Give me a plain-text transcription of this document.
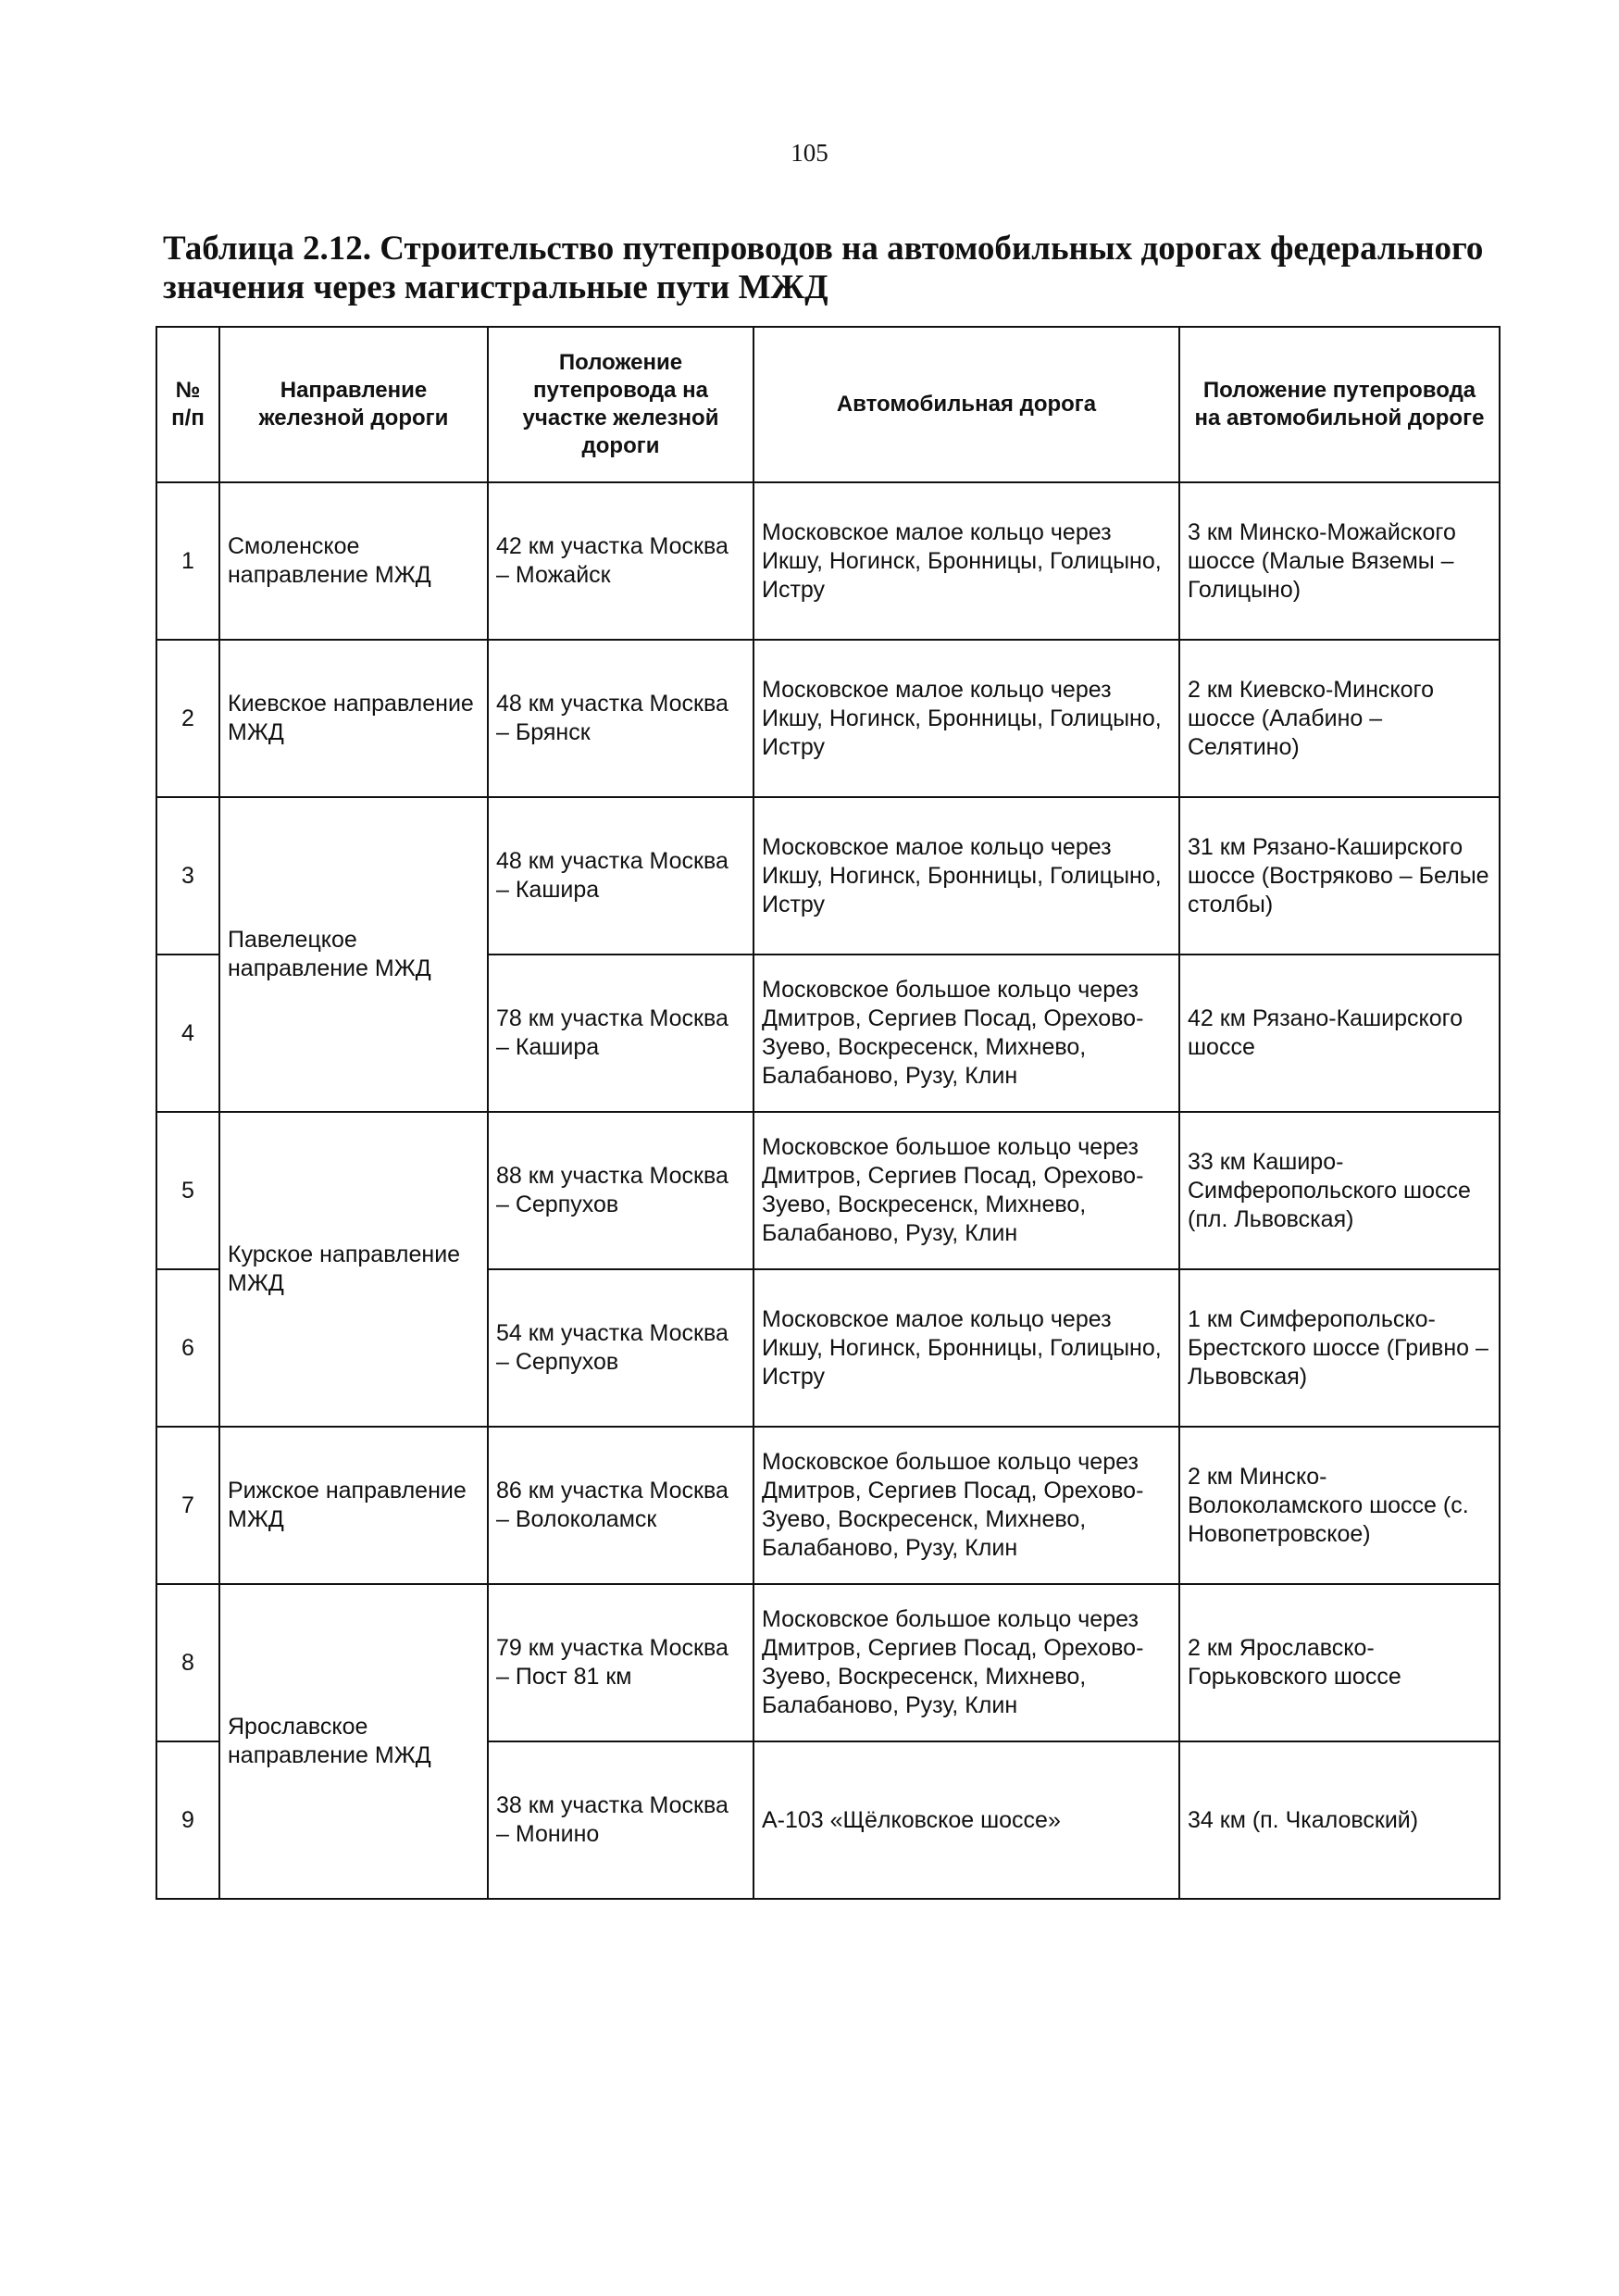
105
Таблица 2.12. Строительство путепроводов на автомобильных дорогах федерального значения через магистральные пути МЖД
№ п/п	Направление железной дороги	Положение путепровода на участке железной дороги	Автомобильная дорога	Положение путепровода на автомобильной дороге
1	Смоленское направление МЖД	42 км участка Москва – Можайск	Московское малое кольцо через Икшу, Ногинск, Бронницы, Голицыно, Истру	3 км Минско-Можайского шоссе (Малые Вяземы – Голицыно)
2	Киевское направление МЖД	48 км участка Москва – Брянск	Московское малое кольцо через Икшу, Ногинск, Бронницы, Голицыно, Истру	2 км Киевско-Минского шоссе (Алабино – Селятино)
3	Павелецкое направление МЖД	48 км участка Москва – Кашира	Московское малое кольцо через Икшу, Ногинск, Бронницы, Голицыно, Истру	31 км Рязано-Каширского шоссе (Востряково – Белые столбы)
4		78 км участка Москва – Кашира	Московское большое кольцо через Дмитров, Сергиев Посад, Орехово-Зуево, Воскресенск, Михнево, Балабаново, Рузу, Клин	42 км Рязано-Каширского шоссе
5	Курское направление МЖД	88 км участка Москва – Серпухов	Московское большое кольцо через Дмитров, Сергиев Посад, Орехово-Зуево, Воскресенск, Михнево, Балабаново, Рузу, Клин	33 км Каширо-Симферопольского шоссе (пл. Львовская)
6		54 км участка Москва – Серпухов	Московское малое кольцо через Икшу, Ногинск, Бронницы, Голицыно, Истру	1 км Симферопольско-Брестского шоссе (Гривно – Львовская)
7	Рижское направление МЖД	86 км участка Москва – Волоколамск	Московское большое кольцо через Дмитров, Сергиев Посад, Орехово-Зуево, Воскресенск, Михнево, Балабаново, Рузу, Клин	2 км Минско-Волоколамского шоссе (с. Новопетровское)
8	Ярославское направление МЖД	79 км участка Москва – Пост 81 км	Московское большое кольцо через Дмитров, Сергиев Посад, Орехово-Зуево, Воскресенск, Михнево, Балабаново, Рузу, Клин	2 км Ярославско-Горьковского шоссе
9		38 км участка Москва – Монино	А-103 «Щёлковское шоссе»	34 км (п. Чкаловский)
